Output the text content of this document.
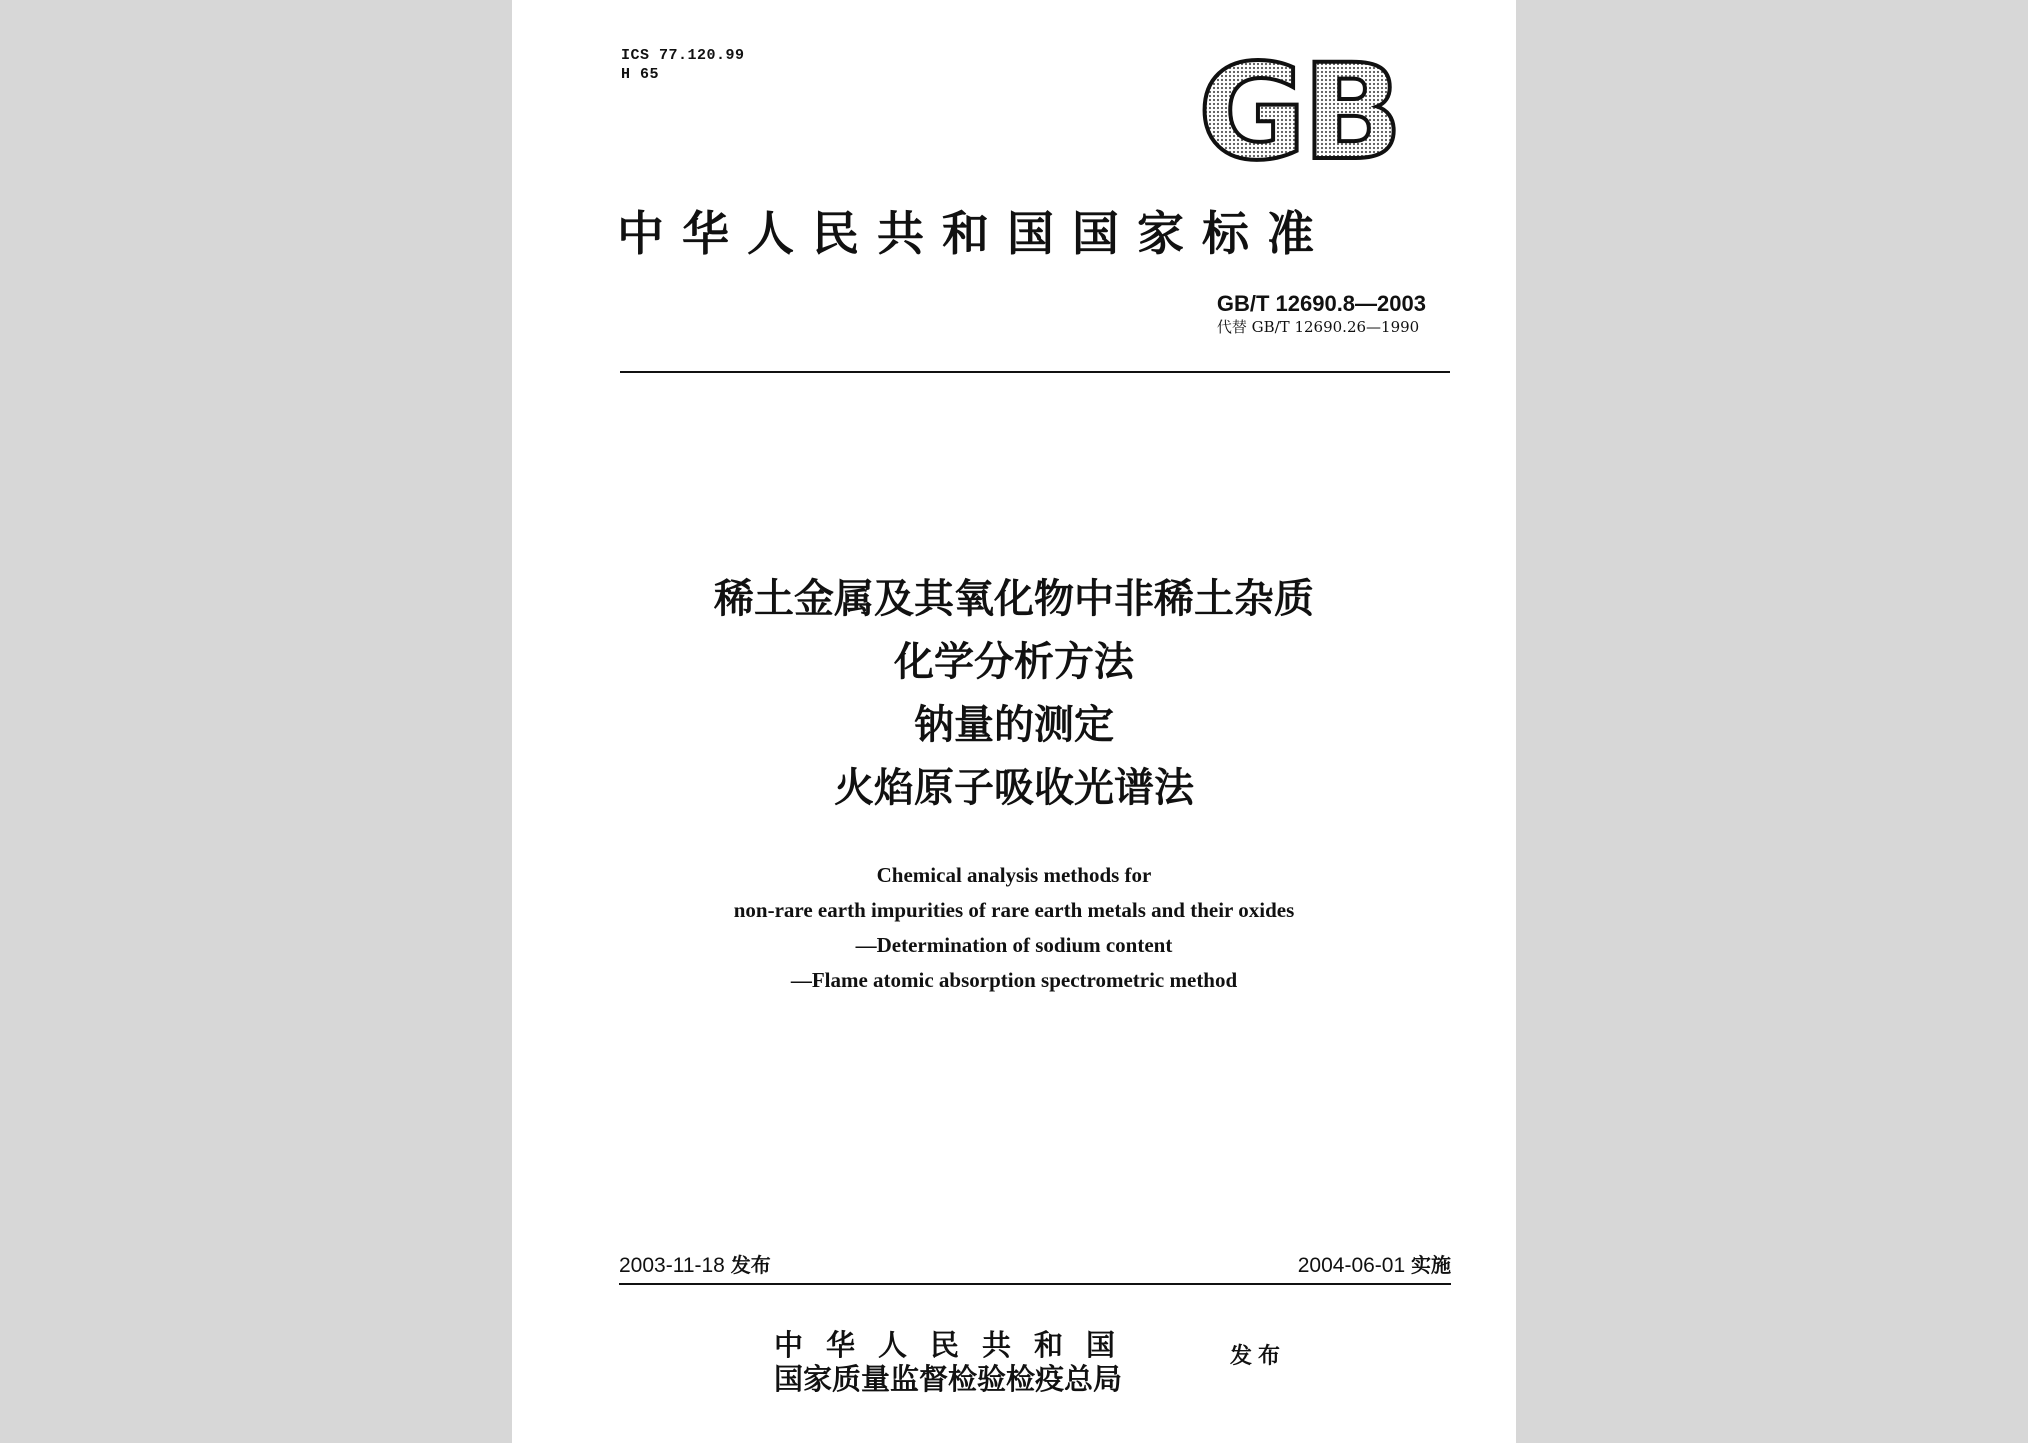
ICS 77.120.99
H 65	GB
中华人民共和国国家标准
GB/T 12690.8—2003
代替 GB/T 12690.26—1990
稀土金属及其氧化物中非稀土杂质
化学分析方法
钠量的测定
火焰原子吸收光谱法
Chemical analysis methods for
non-rare earth impurities of rare earth metals and their oxides
—Determination of sodium content
—Flame atomic absorption spectrometric method
2003-11-18 发布	2004-06-01 实施
中华人民共和国
国家质量监督检验检疫总局
发布
